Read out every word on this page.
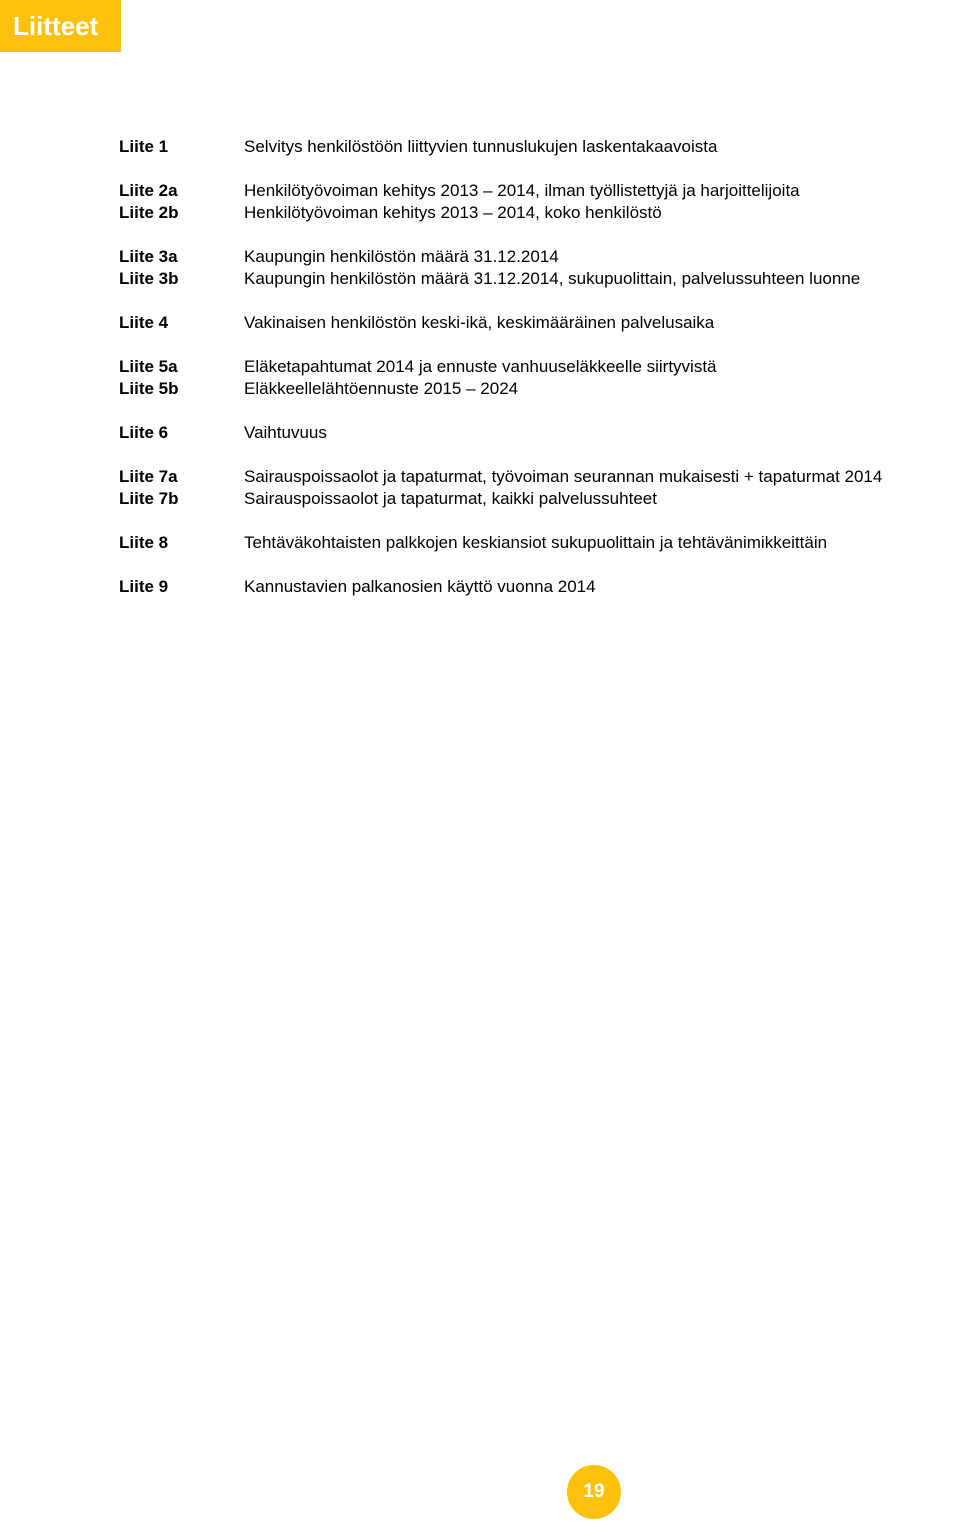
Liitteet
Liite 1	Selvitys henkilöstöön liittyvien tunnuslukujen laskentakaavoista
Liite 2a	Henkilötyövoiman kehitys 2013 – 2014, ilman työllistettyjä ja harjoittelijoita
Liite 2b	Henkilötyövoiman kehitys 2013 – 2014, koko henkilöstö
Liite 3a	Kaupungin henkilöstön määrä 31.12.2014
Liite 3b	Kaupungin henkilöstön määrä 31.12.2014, sukupuolittain, palvelussuhteen luonne
Liite 4	Vakinaisen henkilöstön keski-ikä, keskimääräinen palvelusaika
Liite 5a	Eläketapahtumat 2014 ja ennuste vanhuuseläkkeelle siirtyvistä
Liite 5b	Eläkkeellelähtöennuste 2015 – 2024
Liite 6	Vaihtuvuus
Liite 7a	Sairauspoissaolot ja tapaturmat, työvoiman seurannan mukaisesti + tapaturmat 2014
Liite 7b	Sairauspoissaolot ja tapaturmat, kaikki palvelussuhteet
Liite 8	Tehtäväkohtaisten palkkojen keskiansiot sukupuolittain ja tehtävänimikkeittäin
Liite 9	Kannustavien palkanosien käyttö vuonna 2014
19
